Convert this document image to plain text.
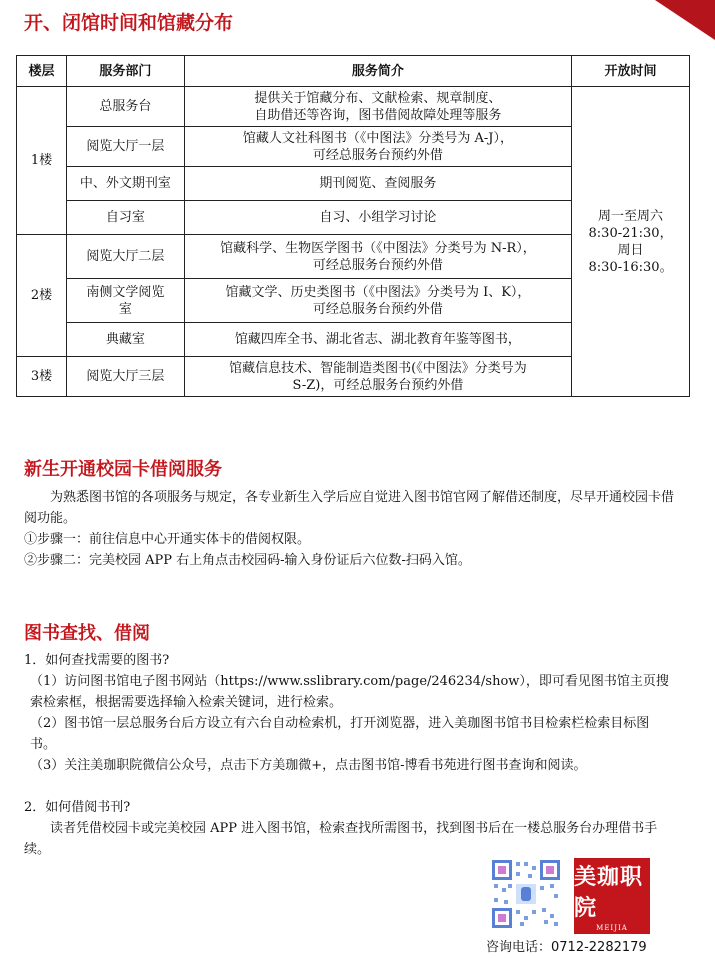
开、闭馆时间和馆藏分布
楼层	服务部门	服务简介	开放时间
1楼	总服务台	提供关于馆藏分布、文献检索、规章制度、
自助借还等咨询，图书借阅故障处理等服务	周一至周六
8:30-21:30，
周日
8:30-16:30。
	阅览大厅一层	馆藏人文社科图书（《中图法》分类号为 A-J），
可经总服务台预约外借	
	中、外文期刊室	期刊阅览、查阅服务	
	自习室	自习、小组学习讨论	
2楼	阅览大厅二层	馆藏科学、生物医学图书（《中图法》分类号为 N-R），
可经总服务台预约外借	
	南侧文学阅览
室	馆藏文学、历史类图书（《中图法》分类号为 I、K），
可经总服务台预约外借	
	典藏室	馆藏四库全书、湖北省志、湖北教育年鉴等图书，	
3楼	阅览大厅三层	馆藏信息技术、智能制造类图书(《中图法》分类号为
S-Z)，可经总服务台预约外借	
新生开通校园卡借阅服务

为熟悉图书馆的各项服务与规定，各专业新生入学后应自觉进入图书馆官网了解借还制度，尽早开通校园卡借阅功能。

①步骤一：前往信息中心开通实体卡的借阅权限。

②步骤二：完美校园 APP 右上角点击校园码-输入身份证后六位数-扫码入馆。

图书查找、借阅

1．如何查找需要的图书?

（1）访问图书馆电子图书网站（https://www.sslibrary.com/page/246234/show），即可看见图书馆主页搜索检索框，根据需要选择输入检索关键词，进行检索。

（2）图书馆一层总服务台后方设立有六台自动检索机，打开浏览器，进入美珈图书馆书目检索栏检索目标图书。

（3）关注美珈职院微信公众号，点击下方美珈微+，点击图书馆-博看书苑进行图书查询和阅读。

2．如何借阅书刊?

读者凭借校园卡或完美校园 APP 进入图书馆，检索查找所需图书，找到图书后在一楼总服务台办理借书手续。

美珈职院
MEIJIA
咨询电话：0712-2282179
